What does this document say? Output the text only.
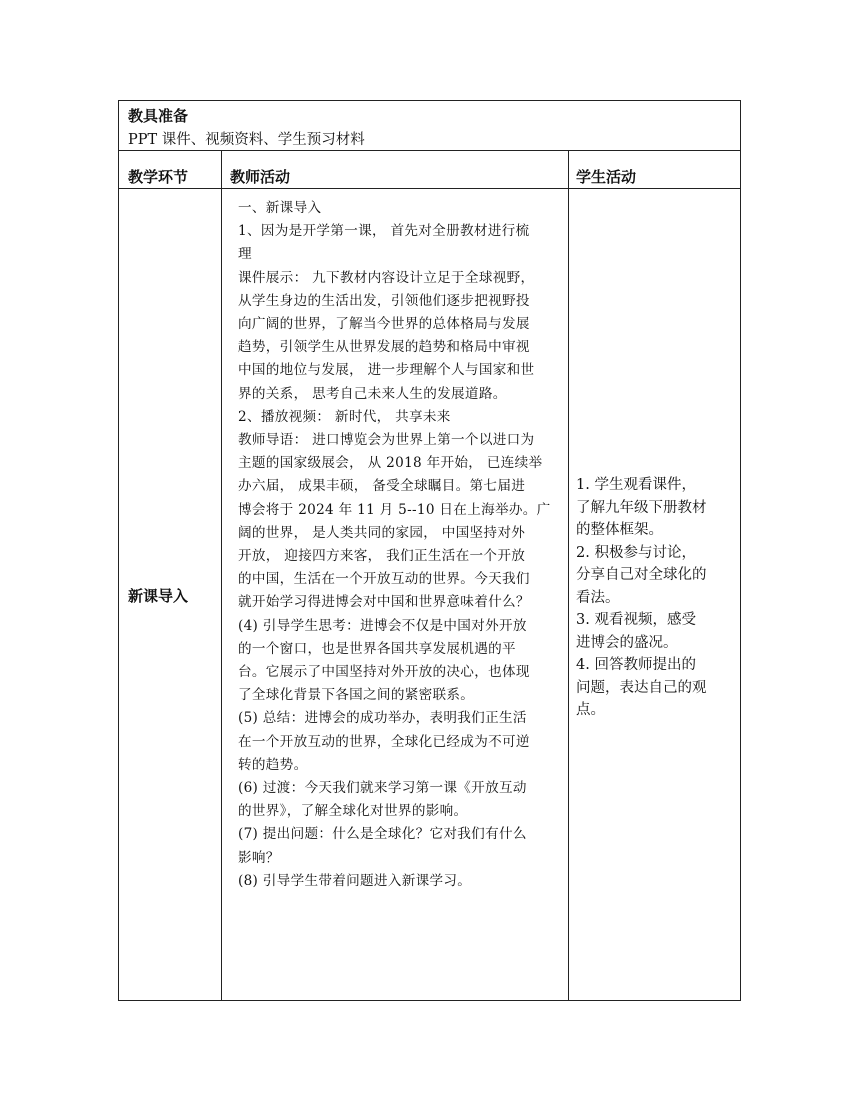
教具准备
PPT 课件、视频资料、学生预习材料
教学环节	教师活动	学生活动
新课导入

一、新课导入

1、因为是开学第一课， 首先对全册教材进行梳

理

课件展示： 九下教材内容设计立足于全球视野，

从学生身边的生活出发，引领他们逐步把视野投

向广阔的世界，了解当今世界的总体格局与发展

趋势，引领学生从世界发展的趋势和格局中审视

中国的地位与发展， 进一步理解个人与国家和世

界的关系， 思考自己未来人生的发展道路。

2、播放视频： 新时代， 共享未来

教师导语： 进口博览会为世界上第一个以进口为

主题的国家级展会， 从 2018 年开始， 已连续举

办六届， 成果丰硕， 备受全球瞩目。第七届进

博会将于 2024 年 11 月 5--10 日在上海举办。广

阔的世界， 是人类共同的家园， 中国坚持对外

开放， 迎接四方来客， 我们正生活在一个开放

的中国，生活在一个开放互动的世界。今天我们

就开始学习得进博会对中国和世界意味着什么？

(4) 引导学生思考：进博会不仅是中国对外开放

的一个窗口，也是世界各国共享发展机遇的平

台。它展示了中国坚持对外开放的决心，也体现

了全球化背景下各国之间的紧密联系。

(5) 总结：进博会的成功举办，表明我们正生活

在一个开放互动的世界，全球化已经成为不可逆

转的趋势。

(6) 过渡：今天我们就来学习第一课《开放互动

的世界》，了解全球化对世界的影响。

(7) 提出问题：什么是全球化？它对我们有什么

影响？

(8) 引导学生带着问题进入新课学习。

1. 学生观看课件，

了解九年级下册教材

的整体框架。

2. 积极参与讨论，

分享自己对全球化的

看法。

3. 观看视频，感受

进博会的盛况。

4. 回答教师提出的

问题，表达自己的观

点。
